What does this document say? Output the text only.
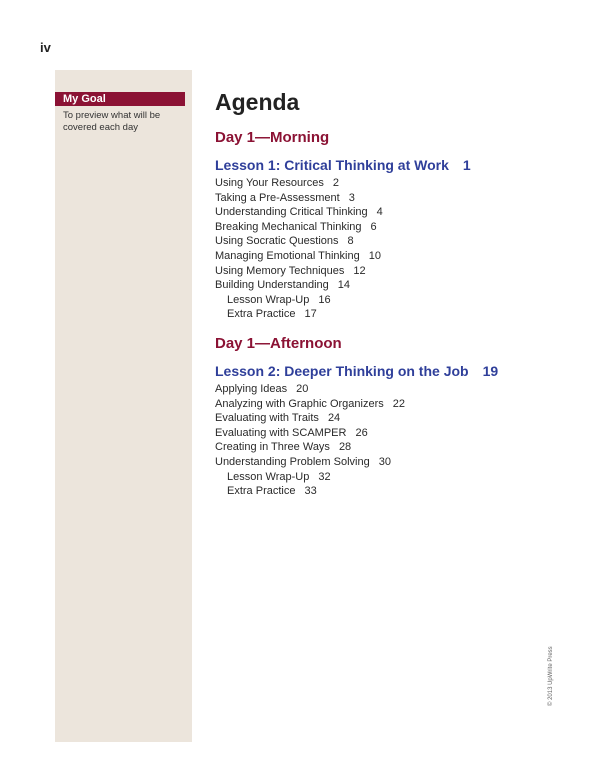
iv
My Goal
To preview what will be covered each day
Agenda
Day 1—Morning
Lesson 1: Critical Thinking at Work 1
Using Your Resources 2
Taking a Pre-Assessment 3
Understanding Critical Thinking 4
Breaking Mechanical Thinking 6
Using Socratic Questions 8
Managing Emotional Thinking 10
Using Memory Techniques 12
Building Understanding 14
Lesson Wrap-Up 16
Extra Practice 17
Day 1—Afternoon
Lesson 2: Deeper Thinking on the Job 19
Applying Ideas 20
Analyzing with Graphic Organizers 22
Evaluating with Traits 24
Evaluating with SCAMPER 26
Creating in Three Ways 28
Understanding Problem Solving 30
Lesson Wrap-Up 32
Extra Practice 33
© 2013 UpWrite Press
